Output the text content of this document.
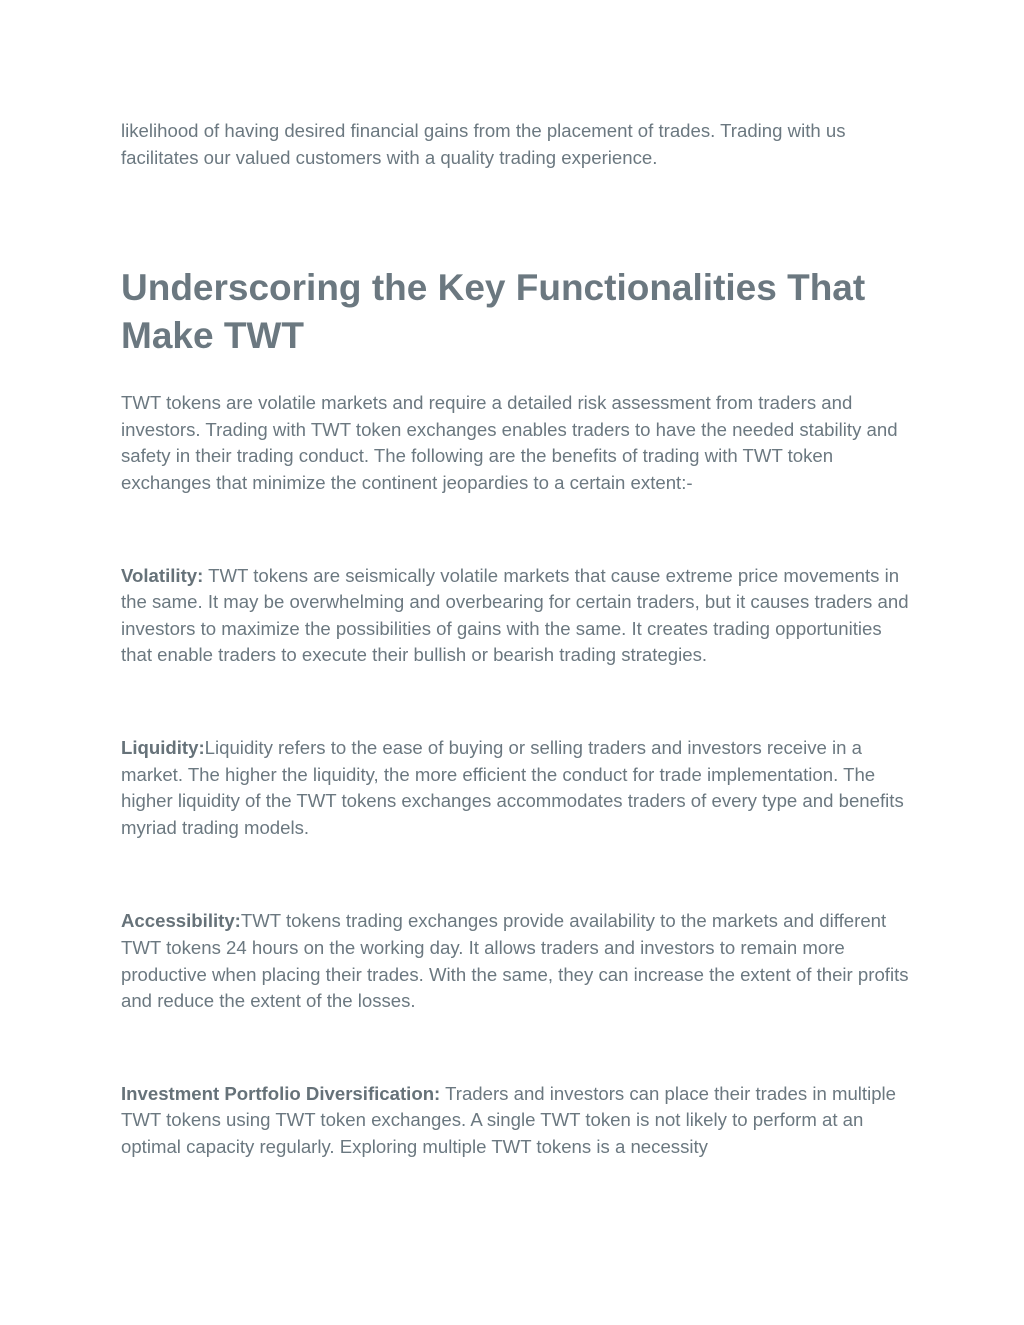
likelihood of having desired financial gains from the placement of trades. Trading with us facilitates our valued customers with a quality trading experience.

Underscoring the Key Functionalities That Make TWT

TWT tokens are volatile markets and require a detailed risk assessment from traders and investors. Trading with TWT token exchanges enables traders to have the needed stability and safety in their trading conduct. The following are the benefits of trading with TWT token exchanges that minimize the continent jeopardies to a certain extent:-

Volatility: TWT tokens are seismically volatile markets that cause extreme price movements in the same. It may be overwhelming and overbearing for certain traders, but it causes traders and investors to maximize the possibilities of gains with the same. It creates trading opportunities that enable traders to execute their bullish or bearish trading strategies.

Liquidity:Liquidity refers to the ease of buying or selling traders and investors receive in a market. The higher the liquidity, the more efficient the conduct for trade implementation. The higher liquidity of the TWT tokens exchanges accommodates traders of every type and benefits myriad trading models.

Accessibility:TWT tokens trading exchanges provide availability to the markets and different TWT tokens 24 hours on the working day. It allows traders and investors to remain more productive when placing their trades. With the same, they can increase the extent of their profits and reduce the extent of the losses.

Investment Portfolio Diversification: Traders and investors can place their trades in multiple TWT tokens using TWT token exchanges. A single TWT token is not likely to perform at an optimal capacity regularly. Exploring multiple TWT tokens is a necessity
